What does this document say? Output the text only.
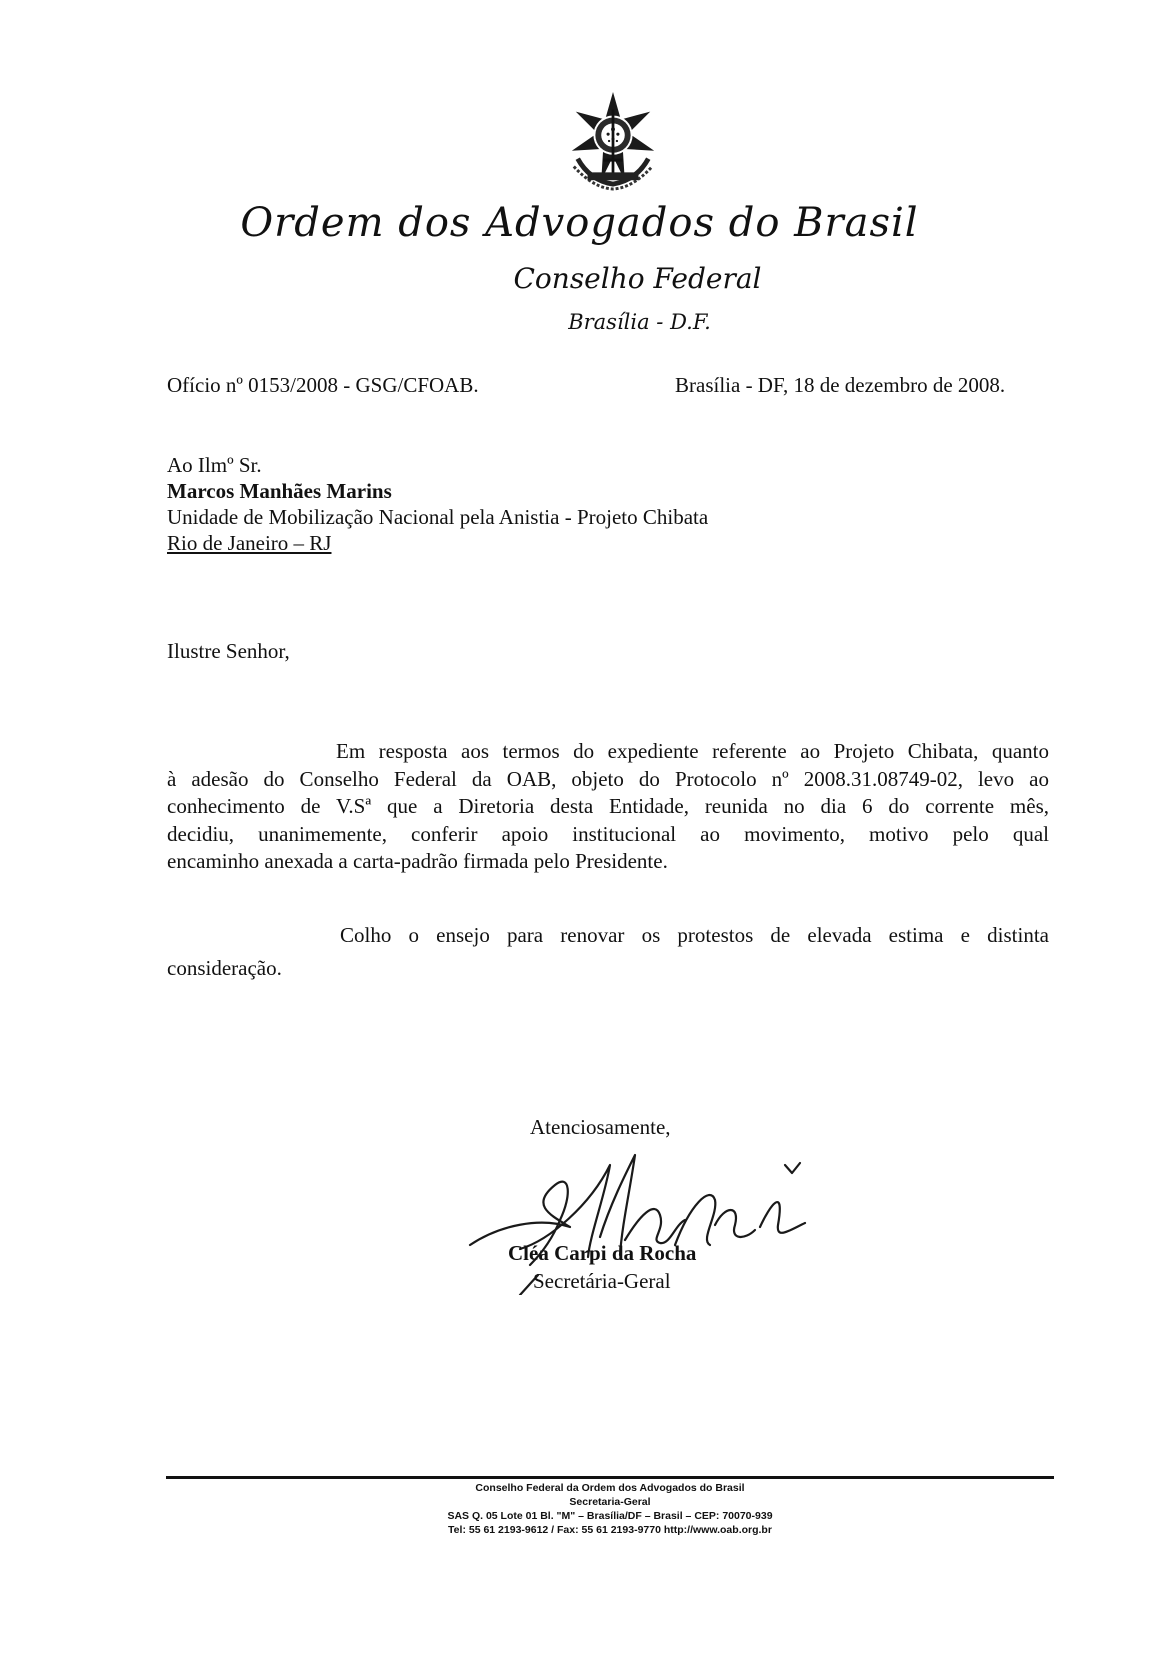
Ordem dos Advogados do Brasil
Conselho Federal
Brasília - D.F.
Ofício nº 0153/2008 - GSG/CFOAB.	Brasília - DF, 18 de dezembro de 2008.
Ao Ilmº Sr.
Marcos Manhães Marins
Unidade de Mobilização Nacional pela Anistia - Projeto Chibata
Rio de Janeiro – RJ
Ilustre Senhor,
Em resposta aos termos do expediente referente ao Projeto Chibata, quanto
à adesão do Conselho Federal da OAB, objeto do Protocolo nº 2008.31.08749-02, levo ao
conhecimento de V.Sª que a Diretoria desta Entidade, reunida no dia 6 do corrente mês,
decidiu, unanimemente, conferir apoio institucional ao movimento, motivo pelo qual
encaminho anexada a carta-padrão firmada pelo Presidente.
Colho o ensejo para renovar os protestos de elevada estima e distinta
consideração.
Atenciosamente,
Cléa Carpi da Rocha
Secretária-Geral
Conselho Federal da Ordem dos Advogados do Brasil
Secretaria-Geral
SAS Q. 05 Lote 01 Bl. "M" – Brasília/DF – Brasil – CEP: 70070-939
Tel: 55 61 2193-9612 / Fax: 55 61 2193-9770 http://www.oab.org.br
